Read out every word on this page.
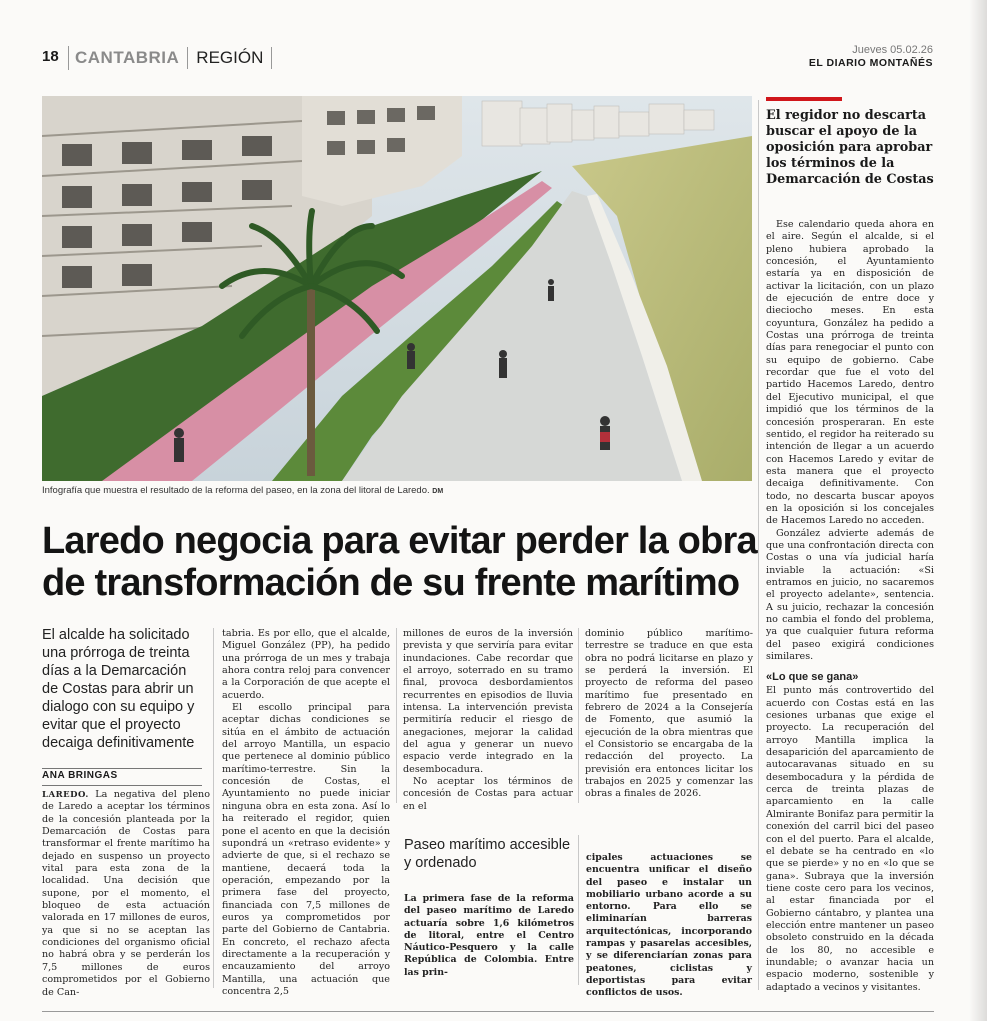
18 CANTABRIA REGIÓN	Jueves 05.02.26
EL DIARIO MONTAÑÉS
Infografía que muestra el resultado de la reforma del paseo, en la zona del litoral de Laredo. DM
Laredo negocia para evitar perder la obra de transformación de su frente marítimo
El alcalde ha solicitado una prórroga de treinta días a la Demarcación de Costas para abrir un dialogo con su equipo y evitar que el proyecto decaiga definitivamente
ANA BRINGAS

LAREDO. La negativa del pleno de Laredo a aceptar los términos de la concesión planteada por la Demarcación de Costas para transformar el frente marítimo ha dejado en suspenso un proyecto vital para esta zona de la localidad. Una decisión que supone, por el momento, el bloqueo de esta actuación valorada en 17 millones de euros, ya que si no se aceptan las condiciones del organismo oficial no habrá obra y se perderán los 7,5 millones de euros comprometidos por el Gobierno de Can-

tabria. Es por ello, que el alcalde, Miguel González (PP), ha pedido una prórroga de un mes y trabaja ahora contra reloj para convencer a la Corporación de que acepte el acuerdo.

El escollo principal para aceptar dichas condiciones se sitúa en el ámbito de actuación del arroyo Mantilla, un espacio que pertenece al dominio público marítimo-terrestre. Sin la concesión de Costas, el Ayuntamiento no puede iniciar ninguna obra en esta zona. Así lo ha reiterado el regidor, quien pone el acento en que la decisión supondrá un «retraso evidente» y advierte de que, si el rechazo se mantiene, decaerá toda la operación, empezando por la primera fase del proyecto, financiada con 7,5 millones de euros ya comprometidos por parte del Gobierno de Cantabria. En concreto, el rechazo afecta directamente a la recuperación y encauzamiento del arroyo Mantilla, una actuación que concentra 2,5

millones de euros de la inversión prevista y que serviría para evitar inundaciones. Cabe recordar que el arroyo, soterrado en su tramo final, provoca desbordamientos recurrentes en episodios de lluvia intensa. La intervención prevista permitiría reducir el riesgo de anegaciones, mejorar la calidad del agua y generar un nuevo espacio verde integrado en la desembocadura.

No aceptar los términos de concesión de Costas para actuar en el

dominio público marítimo-terrestre se traduce en que esta obra no podrá licitarse en plazo y se perderá la inversión. El proyecto de reforma del paseo marítimo fue presentado en febrero de 2024 a la Consejería de Fomento, que asumió la ejecución de la obra mientras que el Consistorio se encargaba de la redacción del proyecto. La previsión era entonces licitar los trabajos en 2025 y comenzar las obras a finales de 2026.

Paseo marítimo accesible y ordenado
La primera fase de la reforma del paseo marítimo de Laredo actuaría sobre 1,6 kilómetros de litoral, entre el Centro Náutico-Pesquero y la calle República de Colombia. Entre las prin-
cipales actuaciones se encuentra unificar el diseño del paseo e instalar un mobiliario urbano acorde a su entorno. Para ello se eliminarían barreras arquitectónicas, incorporando rampas y pasarelas accesibles, y se diferenciarían zonas para peatones, ciclistas y deportistas para evitar conflictos de usos.
El regidor no descarta buscar el apoyo de la oposición para aprobar los términos de la Demarcación de Costas

Ese calendario queda ahora en el aire. Según el alcalde, si el pleno hubiera aprobado la concesión, el Ayuntamiento estaría ya en disposición de activar la licitación, con un plazo de ejecución de entre doce y dieciocho meses. En esta coyuntura, González ha pedido a Costas una prórroga de treinta días para renegociar el punto con su equipo de gobierno. Cabe recordar que fue el voto del partido Hacemos Laredo, dentro del Ejecutivo municipal, el que impidió que los términos de la concesión prosperaran. En este sentido, el regidor ha reiterado su intención de llegar a un acuerdo con Hacemos Laredo y evitar de esta manera que el proyecto decaiga definitivamente. Con todo, no descarta buscar apoyos en la oposición si los concejales de Hacemos Laredo no acceden.

González advierte además de que una confrontación directa con Costas o una vía judicial haría inviable la actuación: «Si entramos en juicio, no sacaremos el proyecto adelante», sentencia. A su juicio, rechazar la concesión no cambia el fondo del problema, ya que cualquier futura reforma del paseo exigirá condiciones similares.

«Lo que se gana»

El punto más controvertido del acuerdo con Costas está en las cesiones urbanas que exige el proyecto. La recuperación del arroyo Mantilla implica la desaparición del aparcamiento de autocaravanas situado en su desembocadura y la pérdida de cerca de treinta plazas de aparcamiento en la calle Almirante Bonifaz para permitir la conexión del carril bici del paseo con el del puerto. Para el alcalde, el debate se ha centrado en «lo que se pierde» y no en «lo que se gana». Subraya que la inversión tiene coste cero para los vecinos, al estar financiada por el Gobierno cántabro, y plantea una elección entre mantener un paseo obsoleto construido en la década de los 80, no accesible e inundable; o avanzar hacia un espacio moderno, sostenible y adaptado a vecinos y visitantes.
